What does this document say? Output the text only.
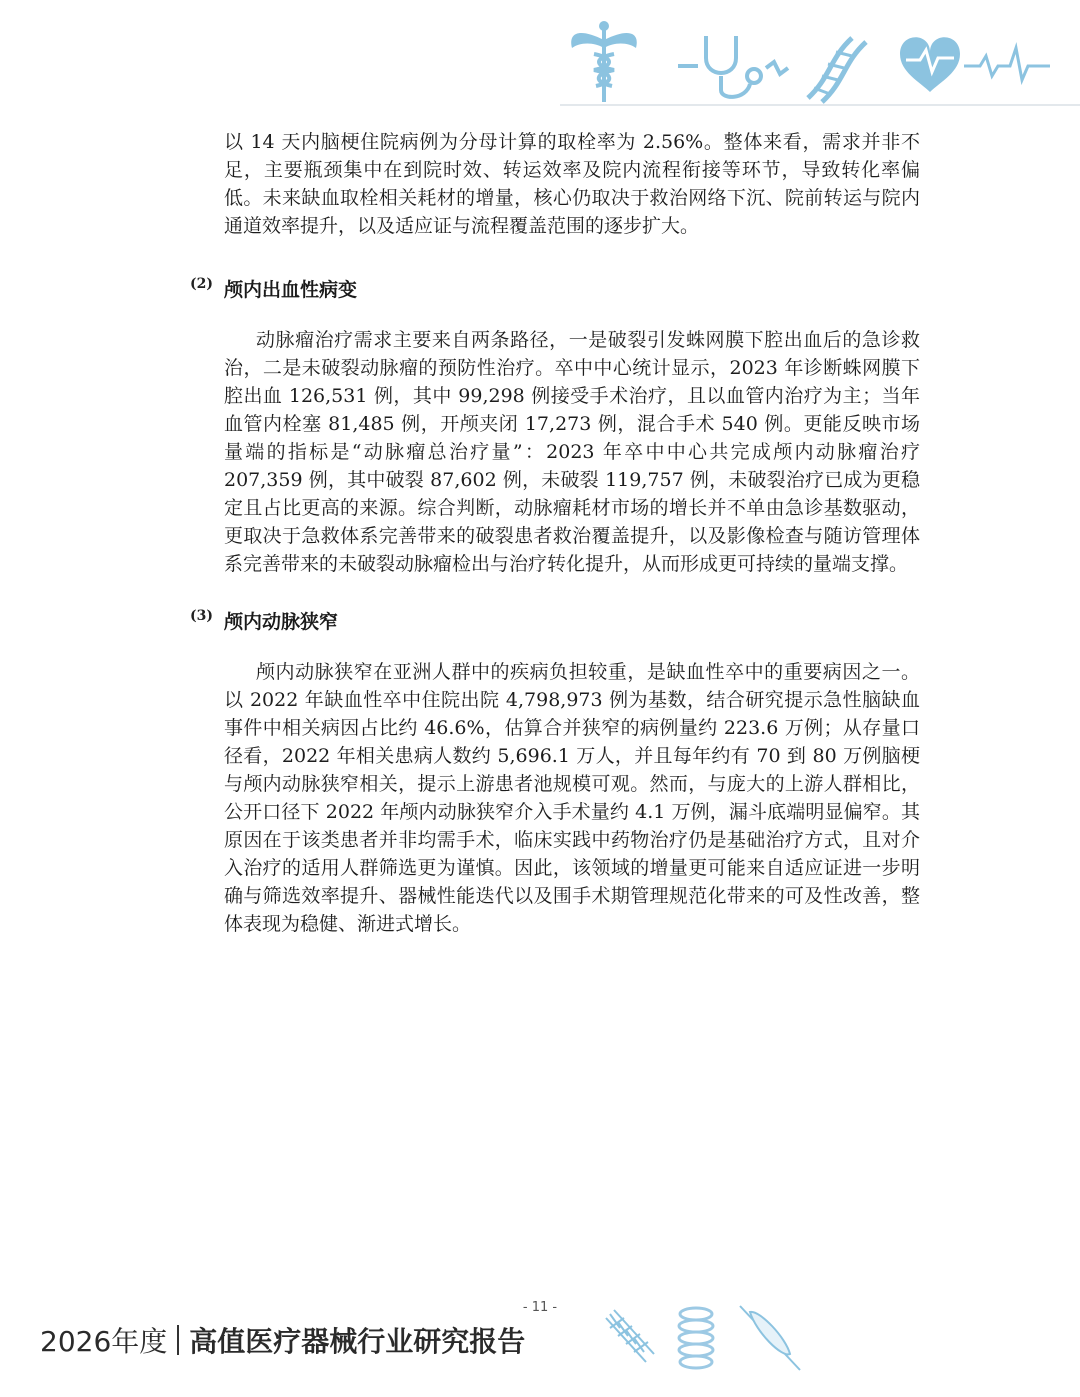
以 14 天内脑梗住院病例为分母计算的取栓率为 2.56%。整体来看，需求并非不足，主要瓶颈集中在到院时效、转运效率及院内流程衔接等环节，导致转化率偏低。未来缺血取栓相关耗材的增量，核心仍取决于救治网络下沉、院前转运与院内通道效率提升，以及适应证与流程覆盖范围的逐步扩大。

(2) 颅内出血性病变

动脉瘤治疗需求主要来自两条路径，一是破裂引发蛛网膜下腔出血后的急诊救治，二是未破裂动脉瘤的预防性治疗。卒中中心统计显示，2023 年诊断蛛网膜下腔出血 126,531 例，其中 99,298 例接受手术治疗，且以血管内治疗为主；当年血管内栓塞 81,485 例，开颅夹闭 17,273 例，混合手术 540 例。更能反映市场量端的指标是“动脉瘤总治疗量”：2023 年卒中中心共完成颅内动脉瘤治疗 207,359 例，其中破裂 87,602 例，未破裂 119,757 例，未破裂治疗已成为更稳定且占比更高的来源。综合判断，动脉瘤耗材市场的增长并不单由急诊基数驱动，更取决于急救体系完善带来的破裂患者救治覆盖提升，以及影像检查与随访管理体系完善带来的未破裂动脉瘤检出与治疗转化提升，从而形成更可持续的量端支撑。

(3) 颅内动脉狭窄

颅内动脉狭窄在亚洲人群中的疾病负担较重，是缺血性卒中的重要病因之一。以 2022 年缺血性卒中住院出院 4,798,973 例为基数，结合研究提示急性脑缺血事件中相关病因占比约 46.6%，估算合并狭窄的病例量约 223.6 万例；从存量口径看，2022 年相关患病人数约 5,696.1 万人，并且每年约有 70 到 80 万例脑梗与颅内动脉狭窄相关，提示上游患者池规模可观。然而，与庞大的上游人群相比，公开口径下 2022 年颅内动脉狭窄介入手术量约 4.1 万例，漏斗底端明显偏窄。其原因在于该类患者并非均需手术，临床实践中药物治疗仍是基础治疗方式，且对介入治疗的适用人群筛选更为谨慎。因此，该领域的增量更可能来自适应证进一步明确与筛选效率提升、器械性能迭代以及围手术期管理规范化带来的可及性改善，整体表现为稳健、渐进式增长。

- 11 -
2026年度 高值医疗器械行业研究报告
